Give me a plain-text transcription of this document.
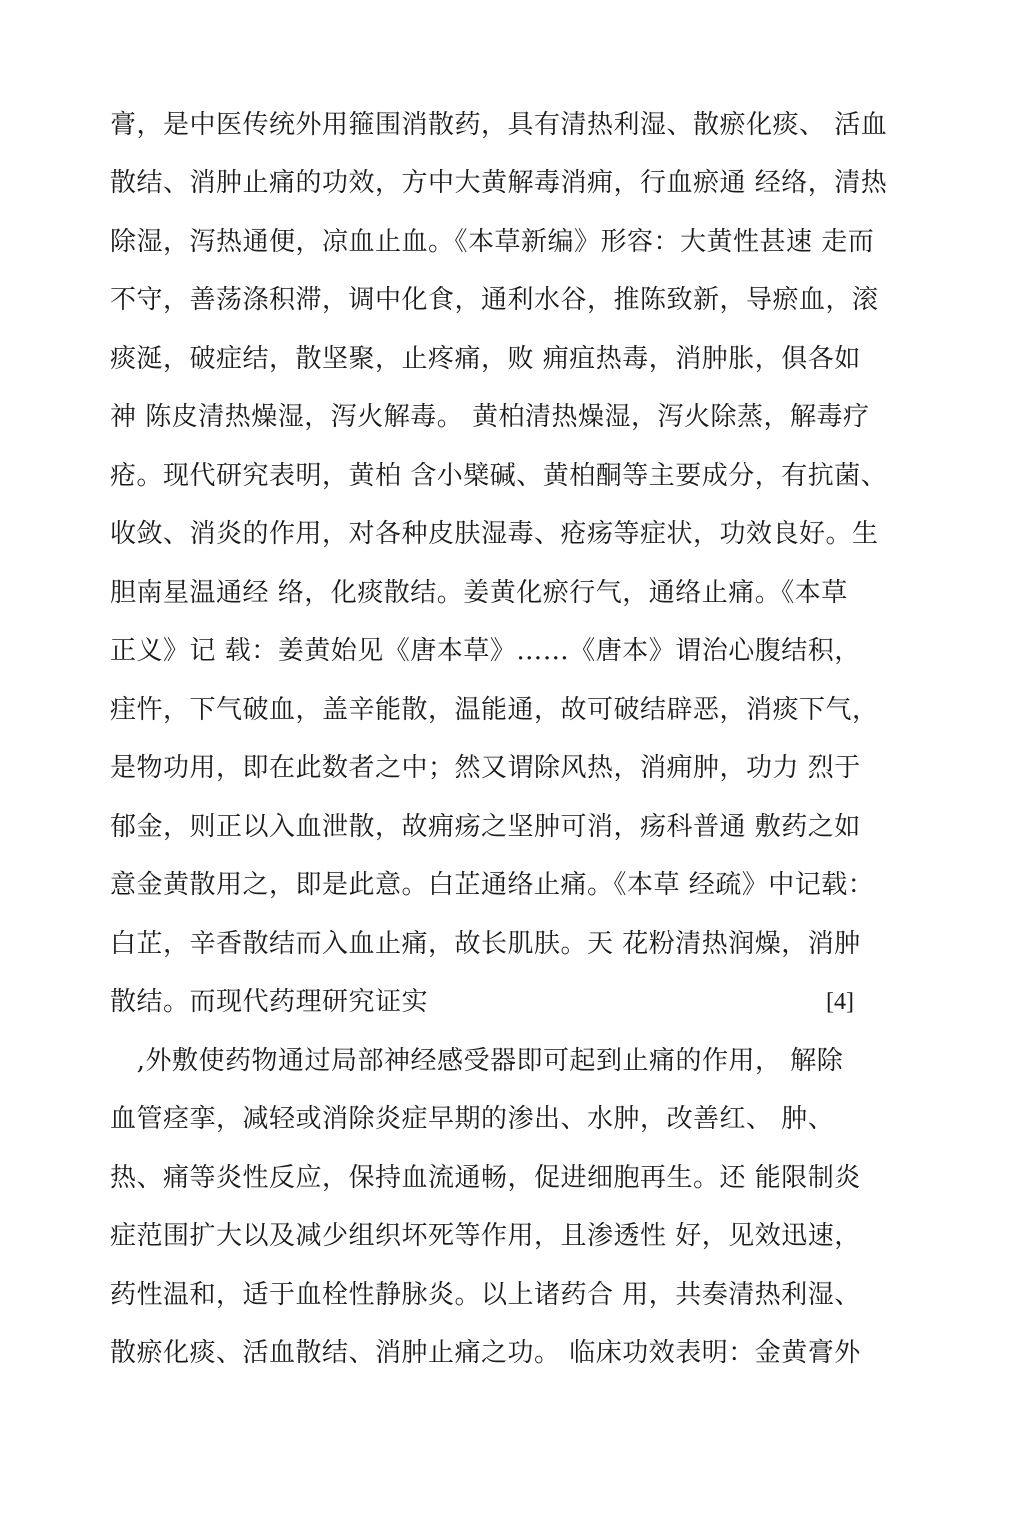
膏，是中医传统外用箍围消散药，具有清热利湿、散瘀化痰、 活血
散结、消肿止痛的功效，方中大黄解毒消痈，行血瘀通 经络，清热
除湿，泻热通便，凉血止血。《本草新编》形容：大黄性甚速 走而
不守，善荡涤积滞，调中化食，通利水谷，推陈致新，导瘀血，滚
痰涎，破症结，散坚聚，止疼痛，败 痈疽热毒，消肿胀，俱各如
神 陈皮清热燥湿，泻火解毒。 黄柏清热燥湿，泻火除蒸，解毒疗
疮。现代研究表明，黄柏 含小檗碱、黄柏酮等主要成分，有抗菌、
收敛、消炎的作用，对各种皮肤湿毒、疮疡等症状，功效良好。生
胆南星温通经 络，化痰散结。姜黄化瘀行气，通络止痛。《本草
正义》记 载：姜黄始见《唐本草》……《唐本》谓治心腹结积，
疰忤，下气破血，盖辛能散，温能通，故可破结辟恶，消痰下气，
是物功用，即在此数者之中；然又谓除风热，消痈肿，功力 烈于
郁金，则正以入血泄散，故痈疡之坚肿可消，疡科普通 敷药之如
意金黄散用之，即是此意。白芷通络止痛。《本草 经疏》中记载：
白芷，辛香散结而入血止痛，故长肌肤。天 花粉清热润燥，消肿
散结。而现代药理研究证实	[4]
,外敷使药物通过局部神经感受器即可起到止痛的作用， 解除
血管痉挛，减轻或消除炎症早期的渗出、水肿，改善红、 肿、
热、痛等炎性反应，保持血流通畅，促进细胞再生。还 能限制炎
症范围扩大以及减少组织坏死等作用，且渗透性 好，见效迅速，
药性温和，适于血栓性静脉炎。以上诸药合 用，共奏清热利湿、
散瘀化痰、活血散结、消肿止痛之功。 临床功效表明：金黄膏外
